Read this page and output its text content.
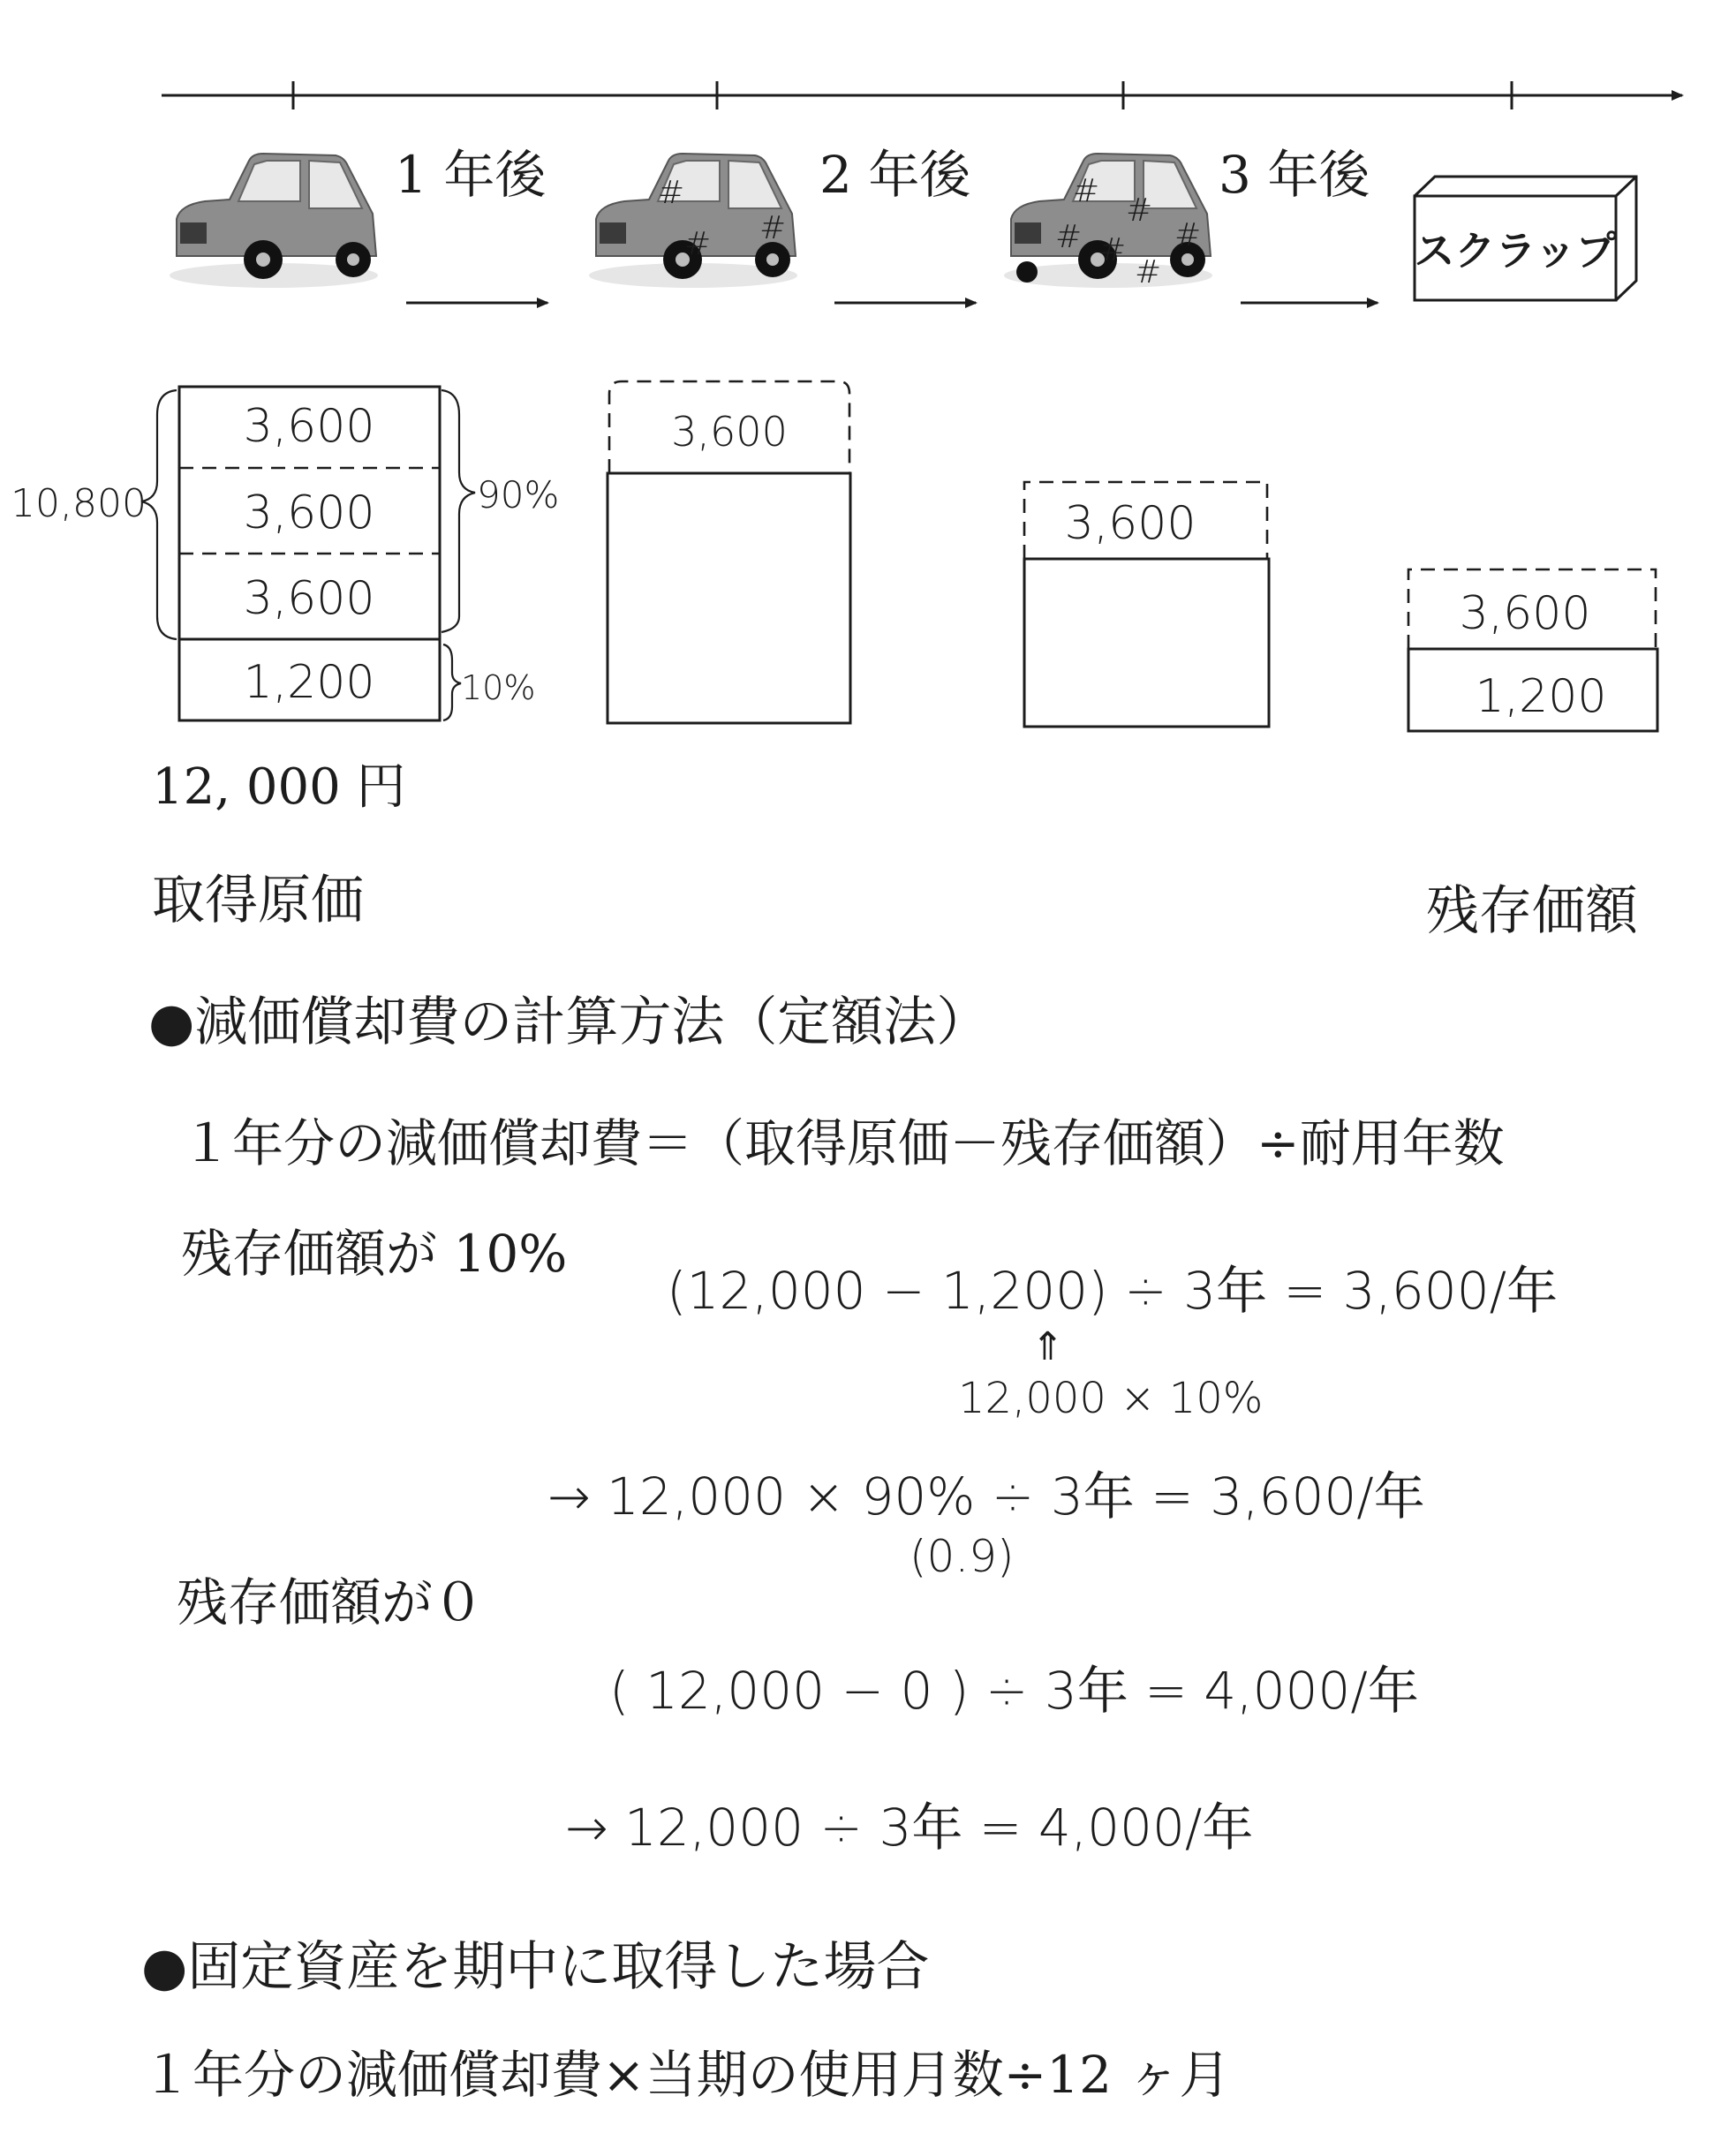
#
# #
#
#
# # #
#
1 年後	2 年後	3 年後
スクラップ
3,600
3,600
3,600
1,200
10,800	90%
10%
3,600
3,600
3,600
1,200
12, 000 円
取得原価	残存価額
●減価償却費の計算方法（定額法）
１年分の減価償却費＝（取得原価－残存価額）÷耐用年数
残存価額が 10%
(12,000 − 1,200) ÷ 3年 = 3,600/年
⇑
12,000 × 10%
→ 12,000 × 90% ÷ 3年 = 3,600/年
(0.9)
残存価額が０
( 12,000 − 0 ) ÷ 3年 = 4,000/年
→ 12,000 ÷ 3年 = 4,000/年
●固定資産を期中に取得した場合
１年分の減価償却費×当期の使用月数÷12 ヶ月
